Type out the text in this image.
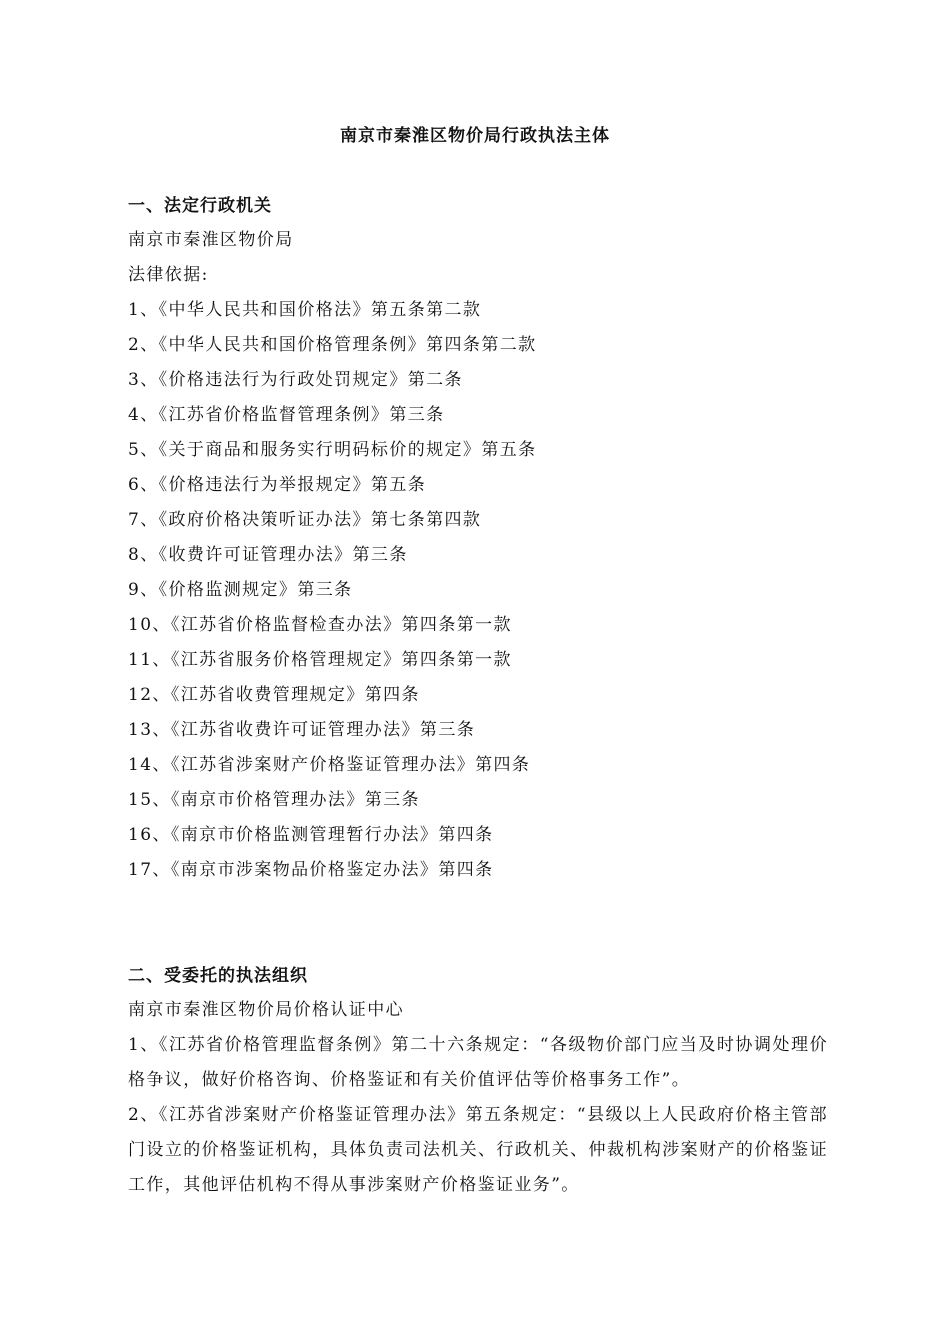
南京市秦淮区物价局行政执法主体

一、法定行政机关

南京市秦淮区物价局

法律依据:

1、《中华人民共和国价格法》第五条第二款

2、《中华人民共和国价格管理条例》第四条第二款

3、《价格违法行为行政处罚规定》第二条

4、《江苏省价格监督管理条例》第三条

5、《关于商品和服务实行明码标价的规定》第五条

6、《价格违法行为举报规定》第五条

7、《政府价格决策听证办法》第七条第四款

8、《收费许可证管理办法》第三条

9、《价格监测规定》第三条

10、《江苏省价格监督检查办法》第四条第一款

11、《江苏省服务价格管理规定》第四条第一款

12、《江苏省收费管理规定》第四条

13、《江苏省收费许可证管理办法》第三条

14、《江苏省涉案财产价格鉴证管理办法》第四条

15、《南京市价格管理办法》第三条

16、《南京市价格监测管理暂行办法》第四条

17、《南京市涉案物品价格鉴定办法》第四条

二、受委托的执法组织

南京市秦淮区物价局价格认证中心

1、《江苏省价格管理监督条例》第二十六条规定：“各级物价部门应当及时协调处理价格争议，做好价格咨询、价格鉴证和有关价值评估等价格事务工作”。

2、《江苏省涉案财产价格鉴证管理办法》第五条规定：“县级以上人民政府价格主管部门设立的价格鉴证机构，具体负责司法机关、行政机关、仲裁机构涉案财产的价格鉴证工作，其他评估机构不得从事涉案财产价格鉴证业务”。
